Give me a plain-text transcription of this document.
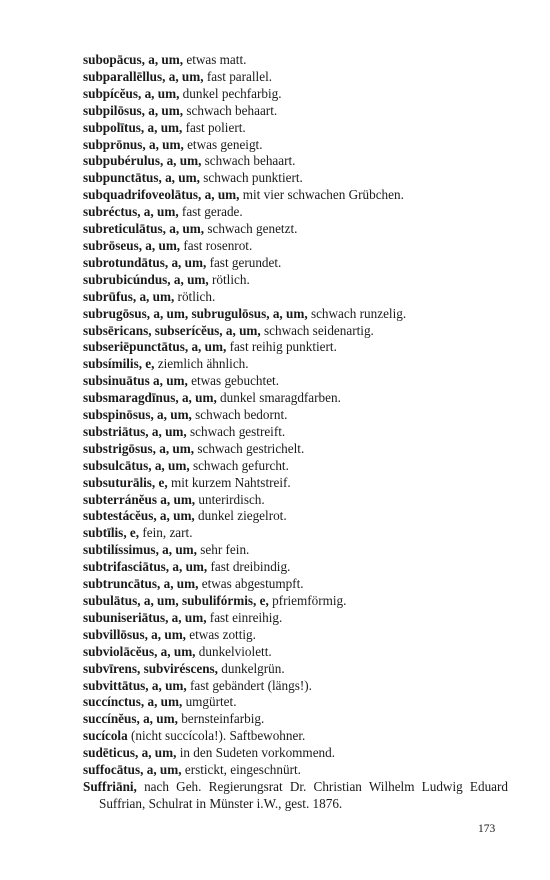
subopācus, a, um, etwas matt.
subparallēllus, a, um, fast parallel.
subpícĕus, a, um, dunkel pechfarbig.
subpilōsus, a, um, schwach behaart.
subpolītus, a, um, fast poliert.
subprōnus, a, um, etwas geneigt.
subpubérulus, a, um, schwach behaart.
subpunctātus, a, um, schwach punktiert.
subquadrifoveolātus, a, um, mit vier schwachen Grübchen.
subréctus, a, um, fast gerade.
subreticulātus, a, um, schwach genetzt.
subrōseus, a, um, fast rosenrot.
subrotundātus, a, um, fast gerundet.
subrubicúndus, a, um, rötlich.
subrūfus, a, um, rötlich.
subrugōsus, a, um, subrugulōsus, a, um, schwach runzelig.
subsēricans, subserícĕus, a, um, schwach seidenartig.
subseriēpunctātus, a, um, fast reihig punktiert.
subsímilis, e, ziemlich ähnlich.
subsinuātus a, um, etwas gebuchtet.
subsmaragdīnus, a, um, dunkel smaragdfarben.
subspinōsus, a, um, schwach bedornt.
substriātus, a, um, schwach gestreift.
substrigōsus, a, um, schwach gestrichelt.
subsulcātus, a, um, schwach gefurcht.
subsuturālis, e, mit kurzem Nahtstreif.
subterránĕus a, um, unterirdisch.
subtestácĕus, a, um, dunkel ziegelrot.
subtīlis, e, fein, zart.
subtilíssimus, a, um, sehr fein.
subtrifasciātus, a, um, fast dreibindig.
subtruncātus, a, um, etwas abgestumpft.
subulātus, a, um, subulifórmis, e, pfriemförmig.
subuniseriātus, a, um, fast einreihig.
subvillōsus, a, um, etwas zottig.
subviolācĕus, a, um, dunkelviolett.
subvīrens, subviréscens, dunkelgrün.
subvittātus, a, um, fast gebändert (längs!).
succínctus, a, um, umgürtet.
succínĕus, a, um, bernsteinfarbig.
sucícola (nicht succícola!). Saftbewohner.
sudēticus, a, um, in den Sudeten vorkommend.
suffocātus, a, um, erstickt, eingeschnürt.
Suffriāni, nach Geh. Regierungsrat Dr. Christian Wilhelm Ludwig Eduard Suffrian, Schulrat in Münster i.W., gest. 1876.
173
